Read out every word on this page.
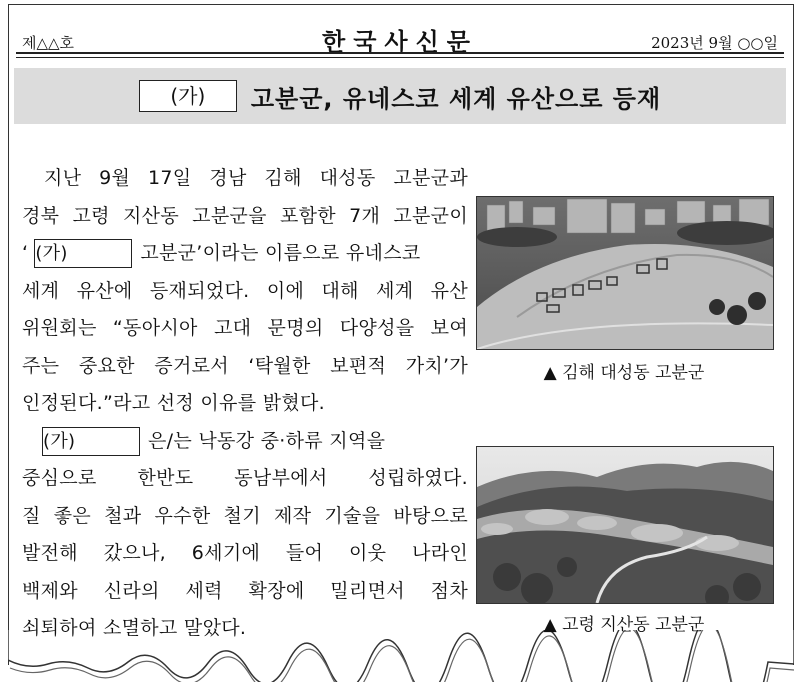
제△△호	한국사신문	2023년 9월 ○○일
(가)	고분군, 유네스코 세계 유산으로 등재

지난 9월 17일 경남 김해 대성동 고분군과

경북 고령 지산동 고분군을 포함한 7개 고분군이

‘ (가)	고분군’이라는 이름으로 유네스코

세계 유산에 등재되었다. 이에 대해 세계 유산

위원회는 “동아시아 고대 문명의 다양성을 보여

주는 중요한 증거로서 ‘탁월한 보편적 가치’가

인정된다.”라고 선정 이유를 밝혔다.

(가)	은/는 낙동강 중·하류 지역을

중심으로 한반도 동남부에서 성립하였다.

질 좋은 철과 우수한 철기 제작 기술을 바탕으로

발전해 갔으나, 6세기에 들어 이웃 나라인

백제와 신라의 세력 확장에 밀리면서 점차

쇠퇴하여 소멸하고 말았다.

▲ 김해 대성동 고분군
▲ 고령 지산동 고분군
